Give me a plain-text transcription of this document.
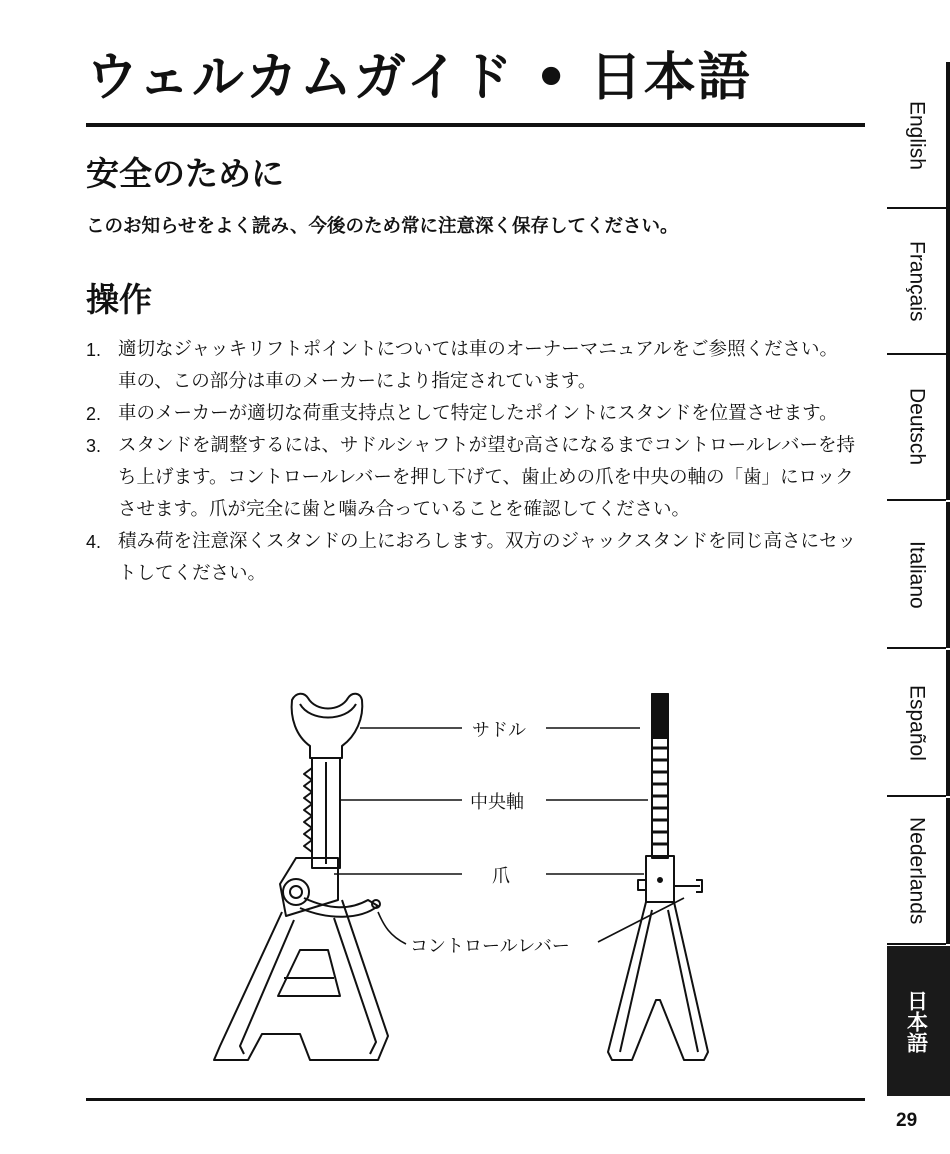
ウェルカムガイド • 日本語
安全のために

このお知らせをよく読み、今後のため常に注意深く保存してください。

操作
1. 適切なジャッキリフトポイントについては車のオーナーマニュアルをご参照ください。車の、この部分は車のメーカーにより指定されています。
2. 車のメーカーが適切な荷重支持点として特定したポイントにスタンドを位置させます。
3. スタンドを調整するには、サドルシャフトが望む高さになるまでコントロールレバーを持ち上げます。コントロールレバーを押し下げて、歯止めの爪を中央の軸の「歯」にロックさせます。爪が完全に歯と噛み合っていることを確認してください。
4. 積み荷を注意深くスタンドの上におろします。双方のジャックスタンドを同じ高さにセットしてください。
サドル
中央軸
爪
コントロールレバー
29
English
Français
Deutsch
Italiano
Español
Nederlands
日本語
